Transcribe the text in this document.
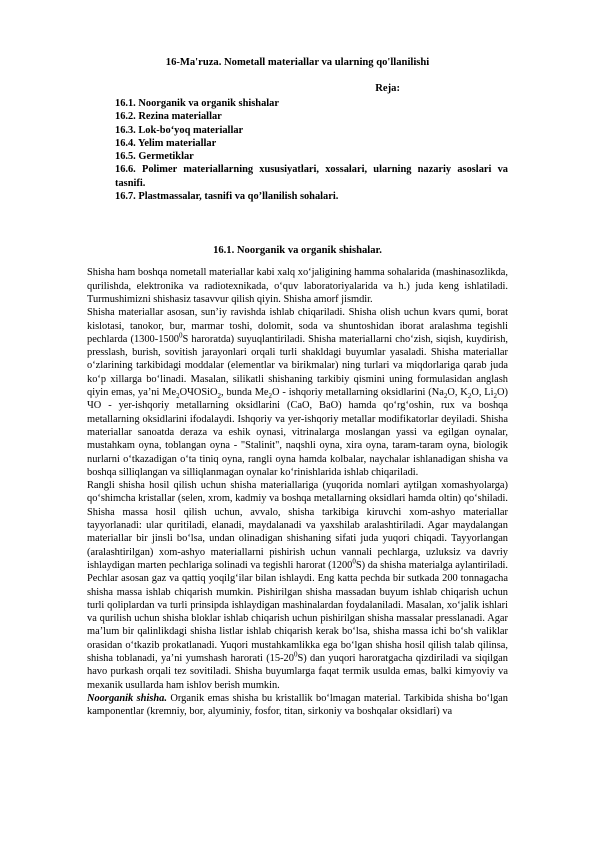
16-Ma'ruza. Nometall materiallar va ularning qo'llanilishi
Reja:
16.1. Noorganik va organik shishalar
16.2. Rezina materiallar
16.3. Lok-bo‘yoq materiallar
16.4. Yelim materiallar
16.5. Germetiklar
16.6. Polimer materiallarning xususiyatlari, xossalari, ularning nazariy asoslari va tasnifi.
16.7. Plastmassalar, tasnifi va qo’llanilish sohalari.
16.1. Noorganik va organik shishalar.

Shisha ham boshqa nometall materiallar kabi xalq xo‘jaligining hamma sohalarida (mashinasozlikda, qurilishda, elektronika va radiotexnikada, o‘quv laboratoriyalarida va h.) juda keng ishlatiladi. Turmushimizni shishasiz tasavvur qilish qiyin. Shisha amorf jismdir.

Shisha materiallar asosan, sun’iy ravishda ishlab chiqariladi. Shisha olish uchun kvars qumi, borat kislotasi, tanokor, bur, marmar toshi, dolomit, soda va shuntoshidan iborat aralashma tegishli pechlarda (1300-1500$^0$S haroratda) suyuqlantiriladi. Shisha materiallarni cho‘zish, siqish, kuydirish, presslash, burish, sovitish jarayonlari orqali turli shakldagi buyumlar yasaladi. Shisha materiallar o‘zlarining tarkibidagi moddalar (elementlar va birikmalar) ning turlari va miqdorlariga qarab juda ko‘p xillarga bo‘linadi. Masalan, silikatli shishaning tarkibiy qismini uning formulasidan anglash qiyin emas, ya’ni $Me_2OЧOSiO_2$, bunda $Me_2O$ - ishqoriy metallarning oksidlarini ($Na_2O$, $K_2O$, $Li_2O$) ЧO - yer-ishqoriy metallarning oksidlarini (CaO, BaO) hamda qo‘rg‘oshin, rux va boshqa metallarning oksidlarini ifodalaydi. Ishqoriy va yer-ishqoriy metallar modifikatorlar deyiladi. Shisha materiallar sanoatda deraza va eshik oynasi, vitrinalarga moslangan yassi va egilgan oynalar, mustahkam oyna, toblangan oyna - "Stalinit", naqshli oyna, xira oyna, taram-taram oyna, biologik nurlarni o‘tkazadigan o‘ta tiniq oyna, rangli oyna hamda kolbalar, naychalar ishlanadigan shisha va boshqa silliqlangan va silliqlanmagan oynalar ko‘rinishlarida ishlab chiqariladi.

Rangli shisha hosil qilish uchun shisha materiallariga (yuqorida nomlari aytilgan xomashyolarga) qo‘shimcha kristallar (selen, xrom, kadmiy va boshqa metallarning oksidlari hamda oltin) qo‘shiladi. Shisha massa hosil qilish uchun, avvalo, shisha tarkibiga kiruvchi xom-ashyo materiallar tayyorlanadi: ular quritiladi, elanadi, maydalanadi va yaxshilab aralashtiriladi. Agar maydalangan materiallar bir jinsli bo‘lsa, undan olinadigan shishaning sifati juda yuqori chiqadi. Tayyorlangan (aralashtirilgan) xom-ashyo materiallarni pishirish uchun vannali pechlarga, uzluksiz va davriy ishlaydigan marten pechlariga solinadi va tegishli harorat (1200$^0$S) da shisha materialga aylantiriladi. Pechlar asosan gaz va qattiq yoqilg‘ilar bilan ishlaydi. Eng katta pechda bir sutkada 200 tonnagacha shisha massa ishlab chiqarish mumkin. Pishirilgan shisha massadan buyum ishlab chiqarish uchun turli qoliplardan va turli prinsipda ishlaydigan mashinalardan foydalaniladi. Masalan, xo‘jalik ishlari va qurilish uchun shisha bloklar ishlab chiqarish uchun pishirilgan shisha massalar presslanadi. Agar ma’lum bir qalinlikdagi shisha listlar ishlab chiqarish kerak bo‘lsa, shisha massa ichi bo‘sh valiklar orasidan o‘tkazib prokatlanadi. Yuqori mustahkamlikka ega bo‘lgan shisha hosil qilish talab qilinsa, shisha toblanadi, ya’ni yumshash harorati $(15-20^0S)$ dan yuqori haroratgacha qizdiriladi va siqilgan havo purkash orqali tez sovitiladi. Shisha buyumlarga faqat termik usulda emas, balki kimyoviy va mexanik usullarda ham ishlov berish mumkin.

Noorganik shisha. Organik emas shisha bu kristallik bo‘lmagan material. Tarkibida shisha bo‘lgan kamponentlar (kremniy, bor, alyuminiy, fosfor, titan, sirkoniy va boshqalar oksidlari) va
